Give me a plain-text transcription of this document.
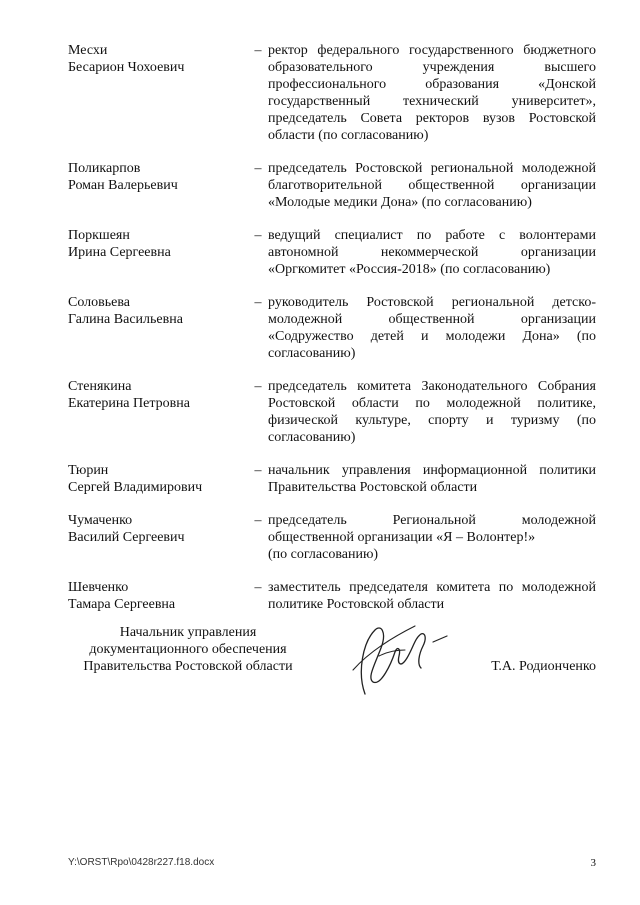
Месхи
Бесарион Чохоевич
– ректор федерального государственного бюджетного образовательного учреждения высшего профессионального образования «Донской государственный технический университет», председатель Совета ректоров вузов Ростовской области (по согласованию)
Поликарпов
Роман Валерьевич
– председатель Ростовской региональной молодежной благотворительной общественной организации «Молодые медики Дона» (по согласованию)
Поркшеян
Ирина Сергеевна
– ведущий специалист по работе с волонтерами автономной некоммерческой организации «Оргкомитет «Россия-2018» (по согласованию)
Соловьева
Галина Васильевна
– руководитель Ростовской региональной детско-молодежной общественной организации «Содружество детей и молодежи Дона» (по согласованию)
Стенякина
Екатерина Петровна
– председатель комитета Законодательного Собрания Ростовской области по молодежной политике, физической культуре, спорту и туризму (по согласованию)
Тюрин
Сергей Владимирович
– начальник управления информационной политики Правительства Ростовской области
Чумаченко
Василий Сергеевич
– председатель Региональной молодежной общественной организации «Я – Волонтер!»
(по согласованию)
Шевченко
Тамара Сергеевна
– заместитель председателя комитета по молодежной политике Ростовской области
Начальник управления
документационного обеспечения
Правительства Ростовской области	Т.А. Родионченко
Y:\ORST\Rpo\0428r227.f18.docx	3
